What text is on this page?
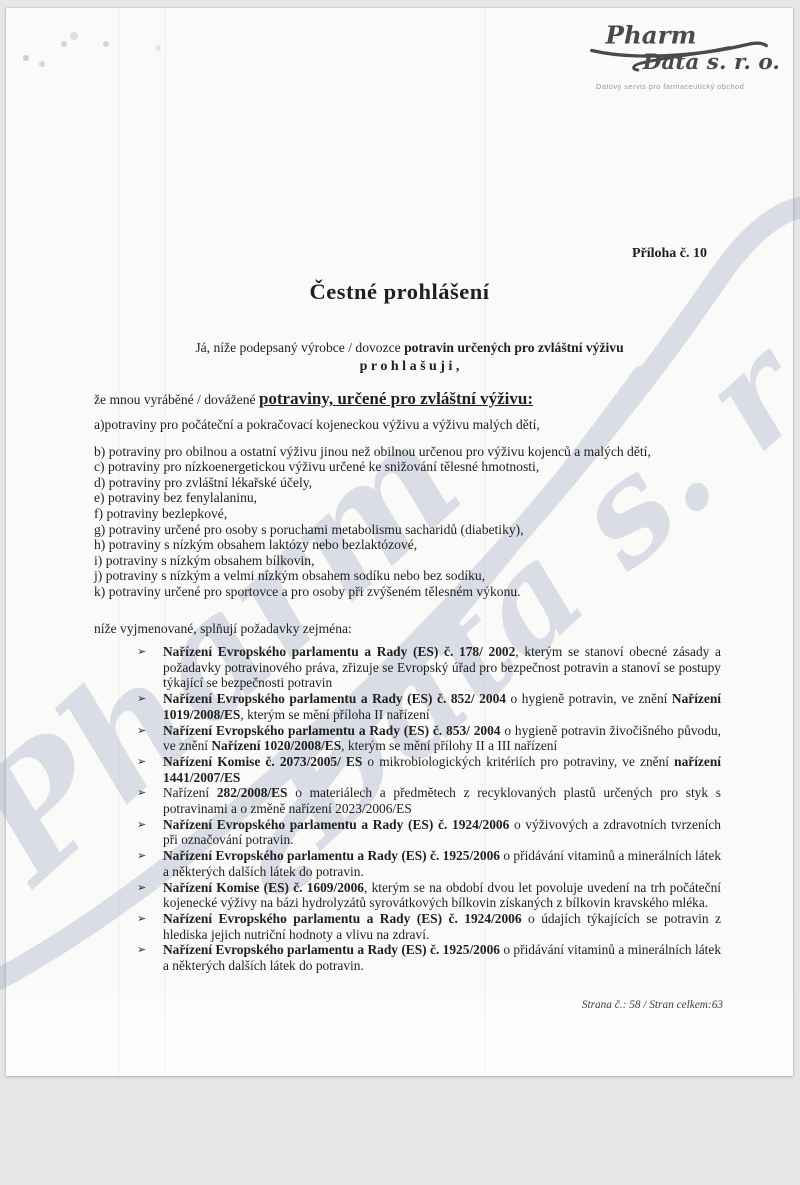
Datový servis pro farmaceutický obchod
Příloha č. 10
Čestné prohlášení
Já, níže podepsaný výrobce / dovozce potravin určených pro zvláštní výživu
p r o h l a š u j i ,
že mnou vyráběné / dovážené potraviny, určené pro zvláštní výživu:
a)potraviny pro počáteční a pokračovací kojeneckou výživu a výživu malých dětí,
b) potraviny pro obilnou a ostatní výživu jinou než obilnou určenou pro výživu kojenců a malých dětí,
c) potraviny pro nízkoenergetickou výživu určené ke snižování tělesné hmotnosti,
d) potraviny pro zvláštní lékařské účely,
e) potraviny bez fenylalaninu,
f) potraviny bezlepkové,
g) potraviny určené pro osoby s poruchami metabolismu sacharidů (diabetiky),
h) potraviny s nízkým obsahem laktózy nebo bezlaktózové,
i) potraviny s nízkým obsahem bílkovin,
j) potraviny s nízkým a velmi nízkým obsahem sodíku nebo bez sodíku,
k) potraviny určené pro sportovce a pro osoby při zvýšeném tělesném výkonu.
níže vyjmenované, splňují požadavky zejména:
➢ Nařízení Evropského parlamentu a Rady (ES) č. 178/ 2002, kterým se stanoví obecné zásady a požadavky potravinového práva, zřizuje se Evropský úřad pro bezpečnost potravin a stanoví se postupy týkající se bezpečnosti potravin
➢ Nařízení Evropského parlamentu a Rady (ES) č. 852/ 2004 o hygieně potravin, ve znění Nařízení 1019/2008/ES, kterým se mění příloha II nařízení
➢ Nařízení Evropského parlamentu a Rady (ES) č. 853/ 2004 o hygieně potravin živočišného původu, ve znění Nařízení 1020/2008/ES, kterým se mění přílohy II a III nařízení
➢ Nařízení Komise č. 2073/2005/ ES o mikrobiologických kritériích pro potraviny, ve znění nařízení 1441/2007/ES
➢ Nařízení 282/2008/ES o materiálech a předmětech z recyklovaných plastů určených pro styk s potravinami a o změně nařízení 2023/2006/ES
➢ Nařízení Evropského parlamentu a Rady (ES) č. 1924/2006 o výživových a zdravotních tvrzeních při označování potravin.
➢ Nařízení Evropského parlamentu a Rady (ES) č. 1925/2006 o přidávání vitaminů a minerálních látek a některých dalších látek do potravin.
➢ Nařízení Komise (ES) č. 1609/2006, kterým se na období dvou let povoluje uvedení na trh počáteční kojenecké výživy na bázi hydrolyzátů syrovátkových bílkovin získaných z bílkovin kravského mléka.
➢ Nařízení Evropského parlamentu a Rady (ES) č. 1924/2006 o údajích týkajících se potravin z hlediska jejich nutriční hodnoty a vlivu na zdraví.
➢ Nařízení Evropského parlamentu a Rady (ES) č. 1925/2006 o přidávání vitaminů a minerálních látek a některých dalších látek do potravin.
Strana č.: 58 / Stran celkem:63
